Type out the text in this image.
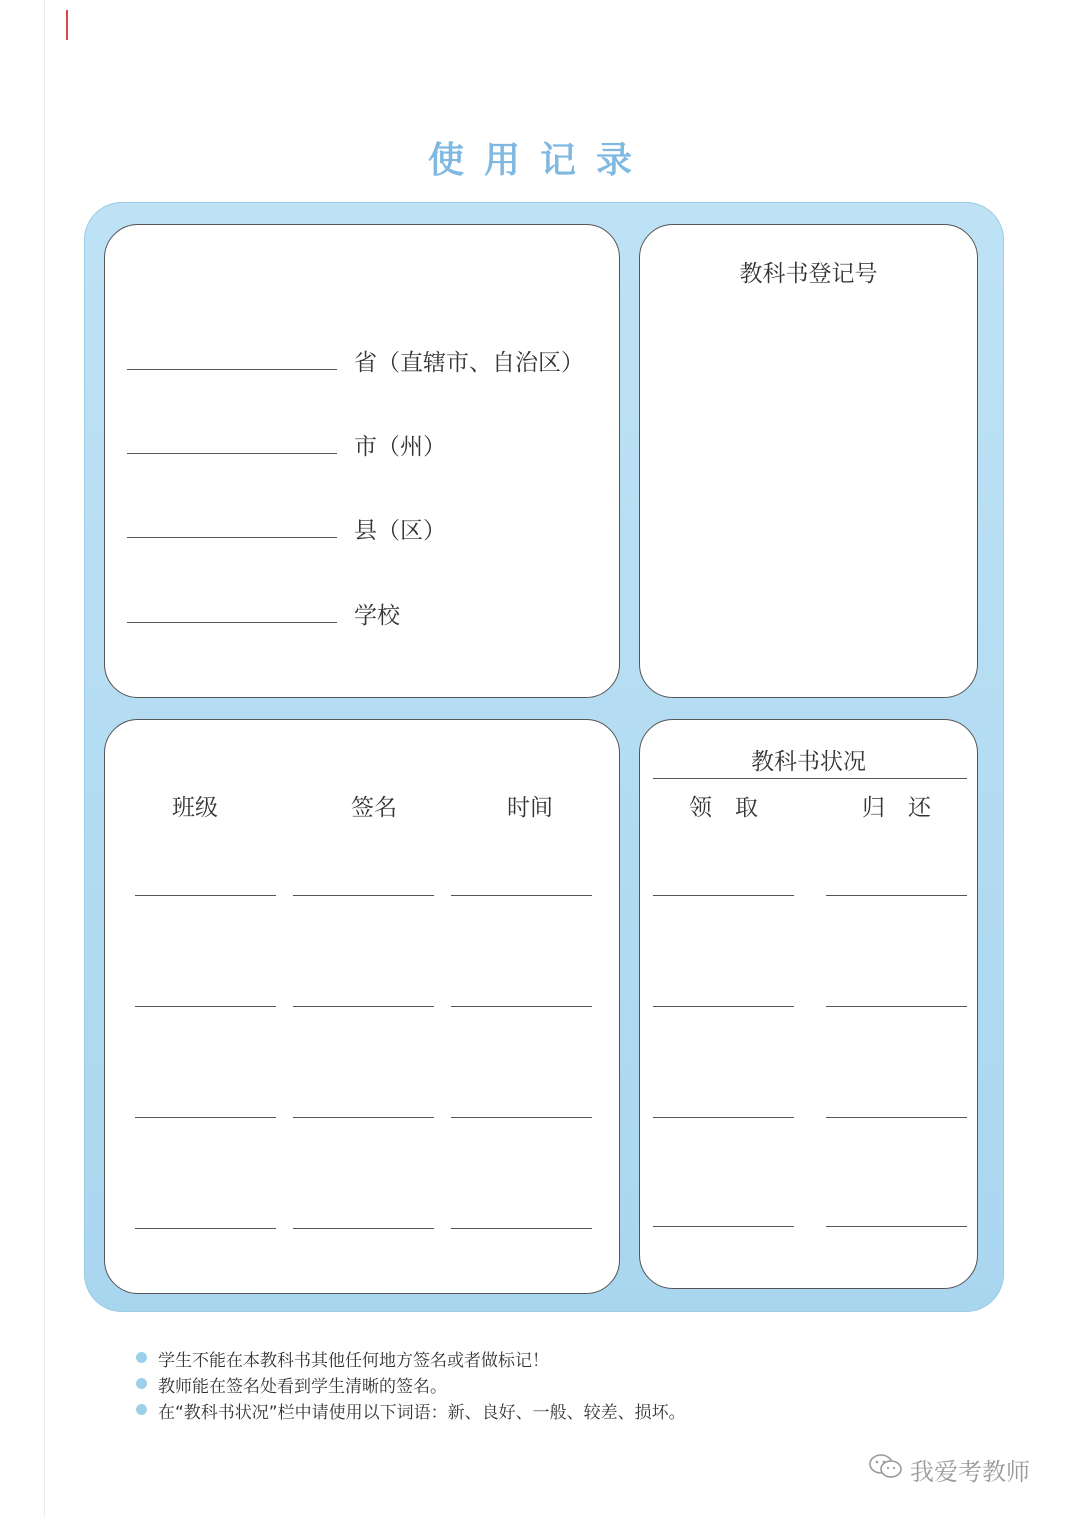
使用记录
省（直辖市、自治区）
市（州）
县（区）
学校
教科书登记号
班级	签名	时间
教科书状况
领　取	归　还
学生不能在本教科书其他任何地方签名或者做标记！
教师能在签名处看到学生清晰的签名。
在“教科书状况”栏中请使用以下词语：新、良好、一般、较差、损坏。
我爱考教师
